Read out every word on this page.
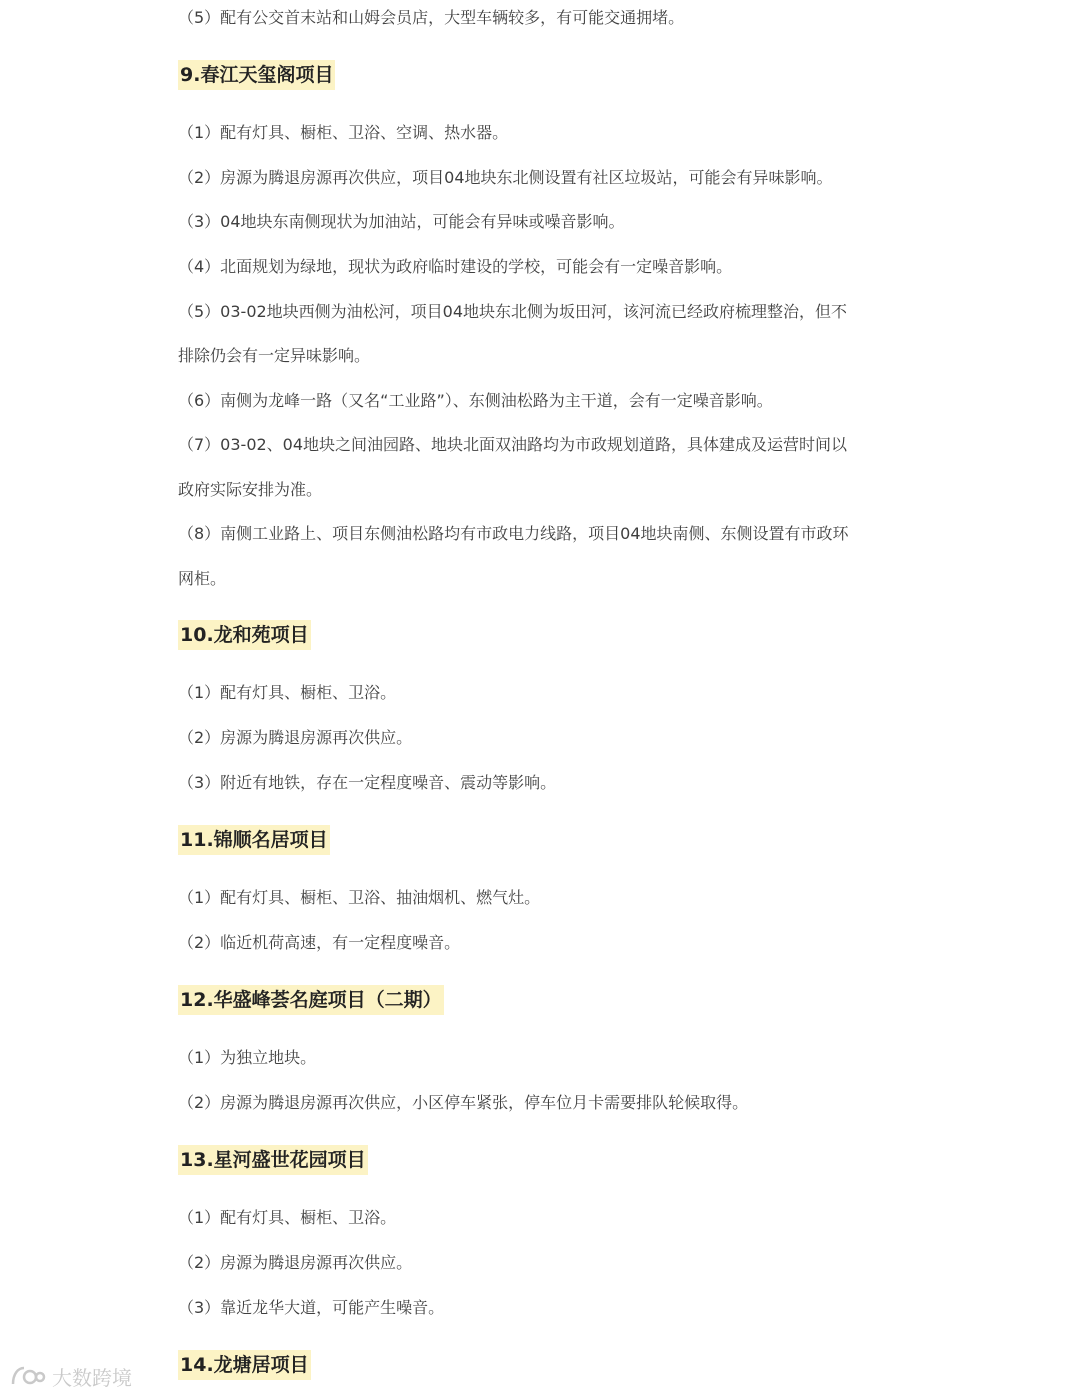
（5）配有公交首末站和山姆会员店，大型车辆较多，有可能交通拥堵。
9.春江天玺阁项目
（1）配有灯具、橱柜、卫浴、空调、热水器。
（2）房源为腾退房源再次供应，项目04地块东北侧设置有社区垃圾站，可能会有异味影响。
（3）04地块东南侧现状为加油站，可能会有异味或噪音影响。
（4）北面规划为绿地，现状为政府临时建设的学校，可能会有一定噪音影响。
（5）03-02地块西侧为油松河，项目04地块东北侧为坂田河，该河流已经政府梳理整治，但不
排除仍会有一定异味影响。
（6）南侧为龙峰一路（又名“工业路”）、东侧油松路为主干道，会有一定噪音影响。
（7）03-02、04地块之间油园路、地块北面双油路均为市政规划道路，具体建成及运营时间以
政府实际安排为准。
（8）南侧工业路上、项目东侧油松路均有市政电力线路，项目04地块南侧、东侧设置有市政环
网柜。
10.龙和苑项目
（1）配有灯具、橱柜、卫浴。
（2）房源为腾退房源再次供应。
（3）附近有地铁，存在一定程度噪音、震动等影响。
11.锦顺名居项目
（1）配有灯具、橱柜、卫浴、抽油烟机、燃气灶。
（2）临近机荷高速，有一定程度噪音。
12.华盛峰荟名庭项目（二期）
（1）为独立地块。
（2）房源为腾退房源再次供应，小区停车紧张，停车位月卡需要排队轮候取得。
13.星河盛世花园项目
（1）配有灯具、橱柜、卫浴。
（2）房源为腾退房源再次供应。
（3）靠近龙华大道，可能产生噪音。
14.龙塘居项目
大数跨境
